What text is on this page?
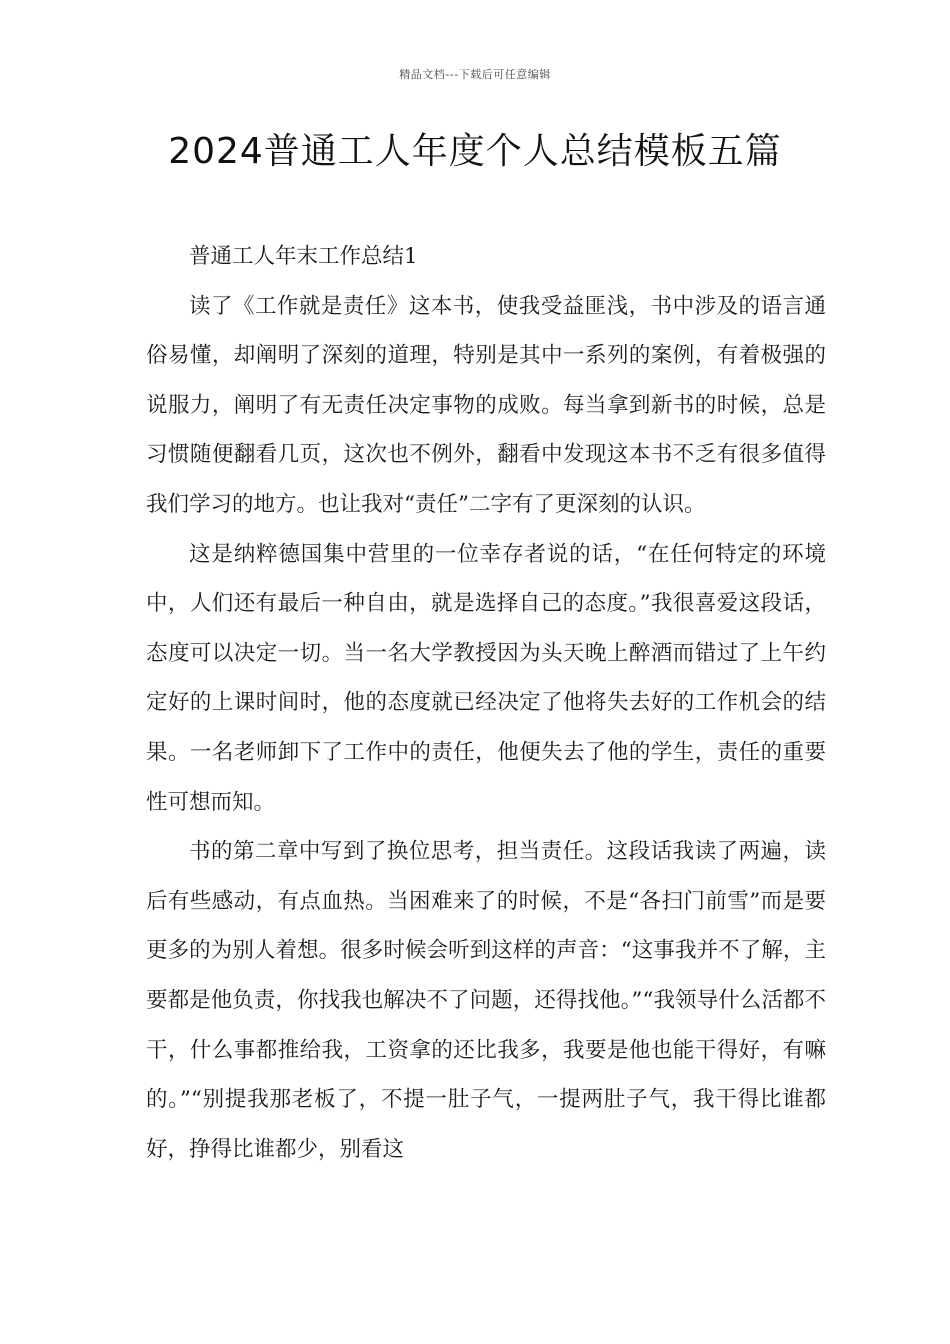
精品文档---下载后可任意编辑
2024普通工人年度个人总结模板五篇

普通工人年末工作总结1

读了《工作就是责任》这本书，使我受益匪浅，书中涉及的语言通俗易懂，却阐明了深刻的道理，特别是其中一系列的案例，有着极强的说服力，阐明了有无责任决定事物的成败。每当拿到新书的时候，总是习惯随便翻看几页，这次也不例外，翻看中发现这本书不乏有很多值得我们学习的地方。也让我对“责任”二字有了更深刻的认识。

这是纳粹德国集中营里的一位幸存者说的话，“在任何特定的环境中，人们还有最后一种自由，就是选择自己的态度。”我很喜爱这段话，态度可以决定一切。当一名大学教授因为头天晚上醉酒而错过了上午约定好的上课时间时，他的态度就已经决定了他将失去好的工作机会的结果。一名老师卸下了工作中的责任，他便失去了他的学生，责任的重要性可想而知。

书的第二章中写到了换位思考，担当责任。这段话我读了两遍，读后有些感动，有点血热。当困难来了的时候，不是“各扫门前雪”而是要更多的为别人着想。很多时候会听到这样的声音：“这事我并不了解，主要都是他负责，你找我也解决不了问题，还得找他。”“我领导什么活都不干，什么事都推给我，工资拿的还比我多，我要是他也能干得好，有嘛的。”“别提我那老板了，不提一肚子气，一提两肚子气，我干得比谁都好，挣得比谁都少，别看这
